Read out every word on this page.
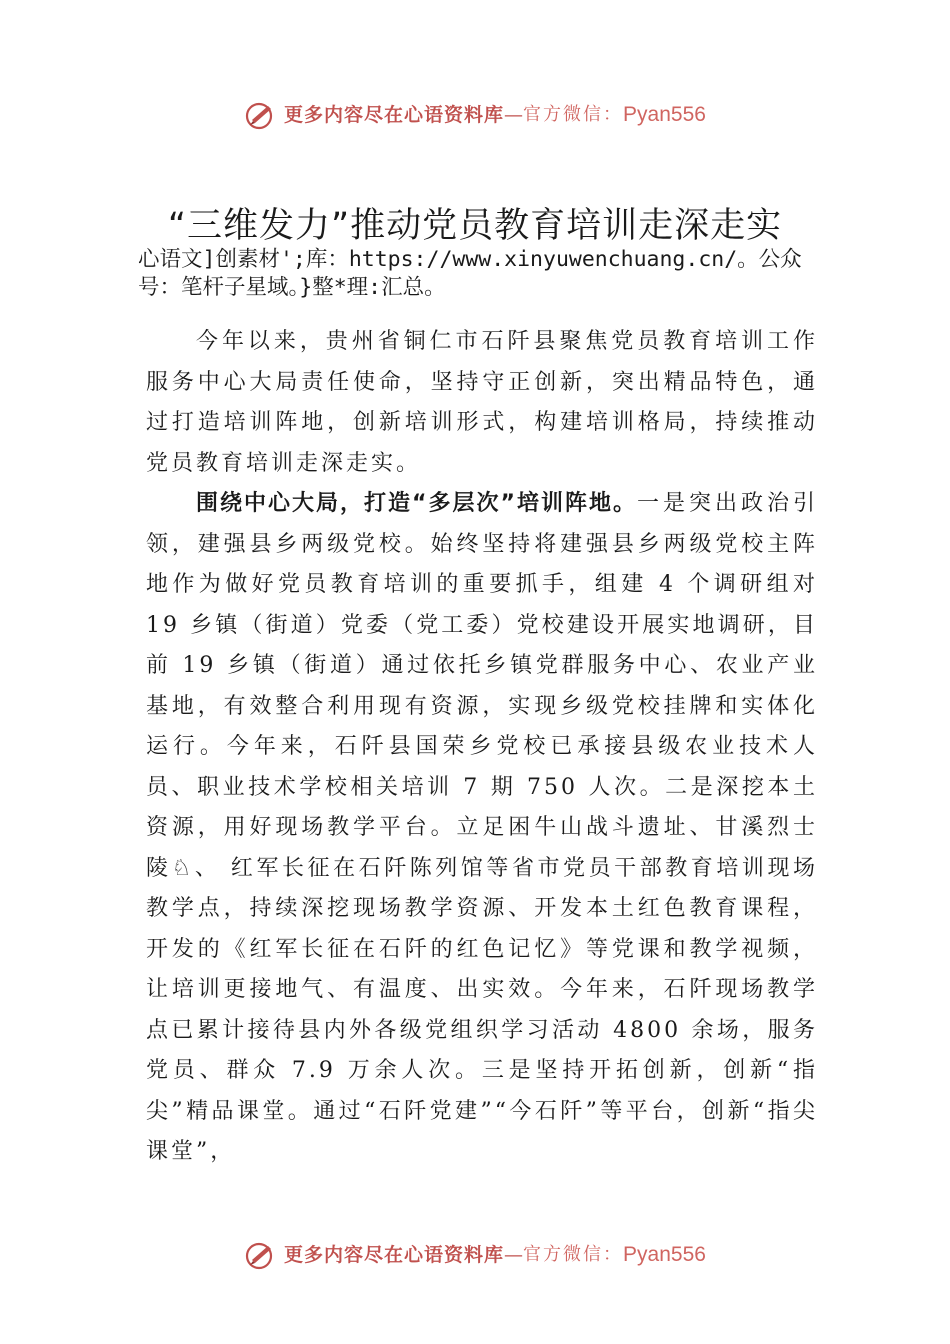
更多内容尽在心语资料库 — 官方微信： Pyan556
“三维发力”推动党员教育培训走深走实
心语文]创素材';库：https://www.xinyuwenchuang.cn/。公众号：笔杆子星域。}整*理:汇总。

今年以来，贵州省铜仁市石阡县聚焦党员教育培训工作服务中心大局责任使命，坚持守正创新，突出精品特色，通过打造培训阵地，创新培训形式，构建培训格局，持续推动党员教育培训走深走实。

围绕中心大局，打造“多层次”培训阵地。一是突出政治引领，建强县乡两级党校。始终坚持将建强县乡两级党校主阵地作为做好党员教育培训的重要抓手，组建 4 个调研组对 19 乡镇（街道）党委（党工委）党校建设开展实地调研，目前 19 乡镇（街道）通过依托乡镇党群服务中心、农业产业基地，有效整合利用现有资源，实现乡级党校挂牌和实体化运行。今年来，石阡县国荣乡党校已承接县级农业技术人员、职业技术学校相关培训 7 期 750 人次。二是深挖本土资源，用好现场教学平台。立足困牛山战斗遗址、甘溪烈士陵♘、 红军长征在石阡陈列馆等省市党员干部教育培训现场教学点，持续深挖现场教学资源、开发本土红色教育课程，开发的《红军长征在石阡的红色记忆》等党课和教学视频，让培训更接地气、有温度、出实效。今年来，石阡现场教学点已累计接待县内外各级党组织学习活动 4800 余场，服务党员、群众 7.9 万余人次。三是坚持开拓创新，创新“指尖”精品课堂。通过“石阡党建”“今石阡”等平台，创新“指尖课堂”，

更多内容尽在心语资料库 — 官方微信： Pyan556
